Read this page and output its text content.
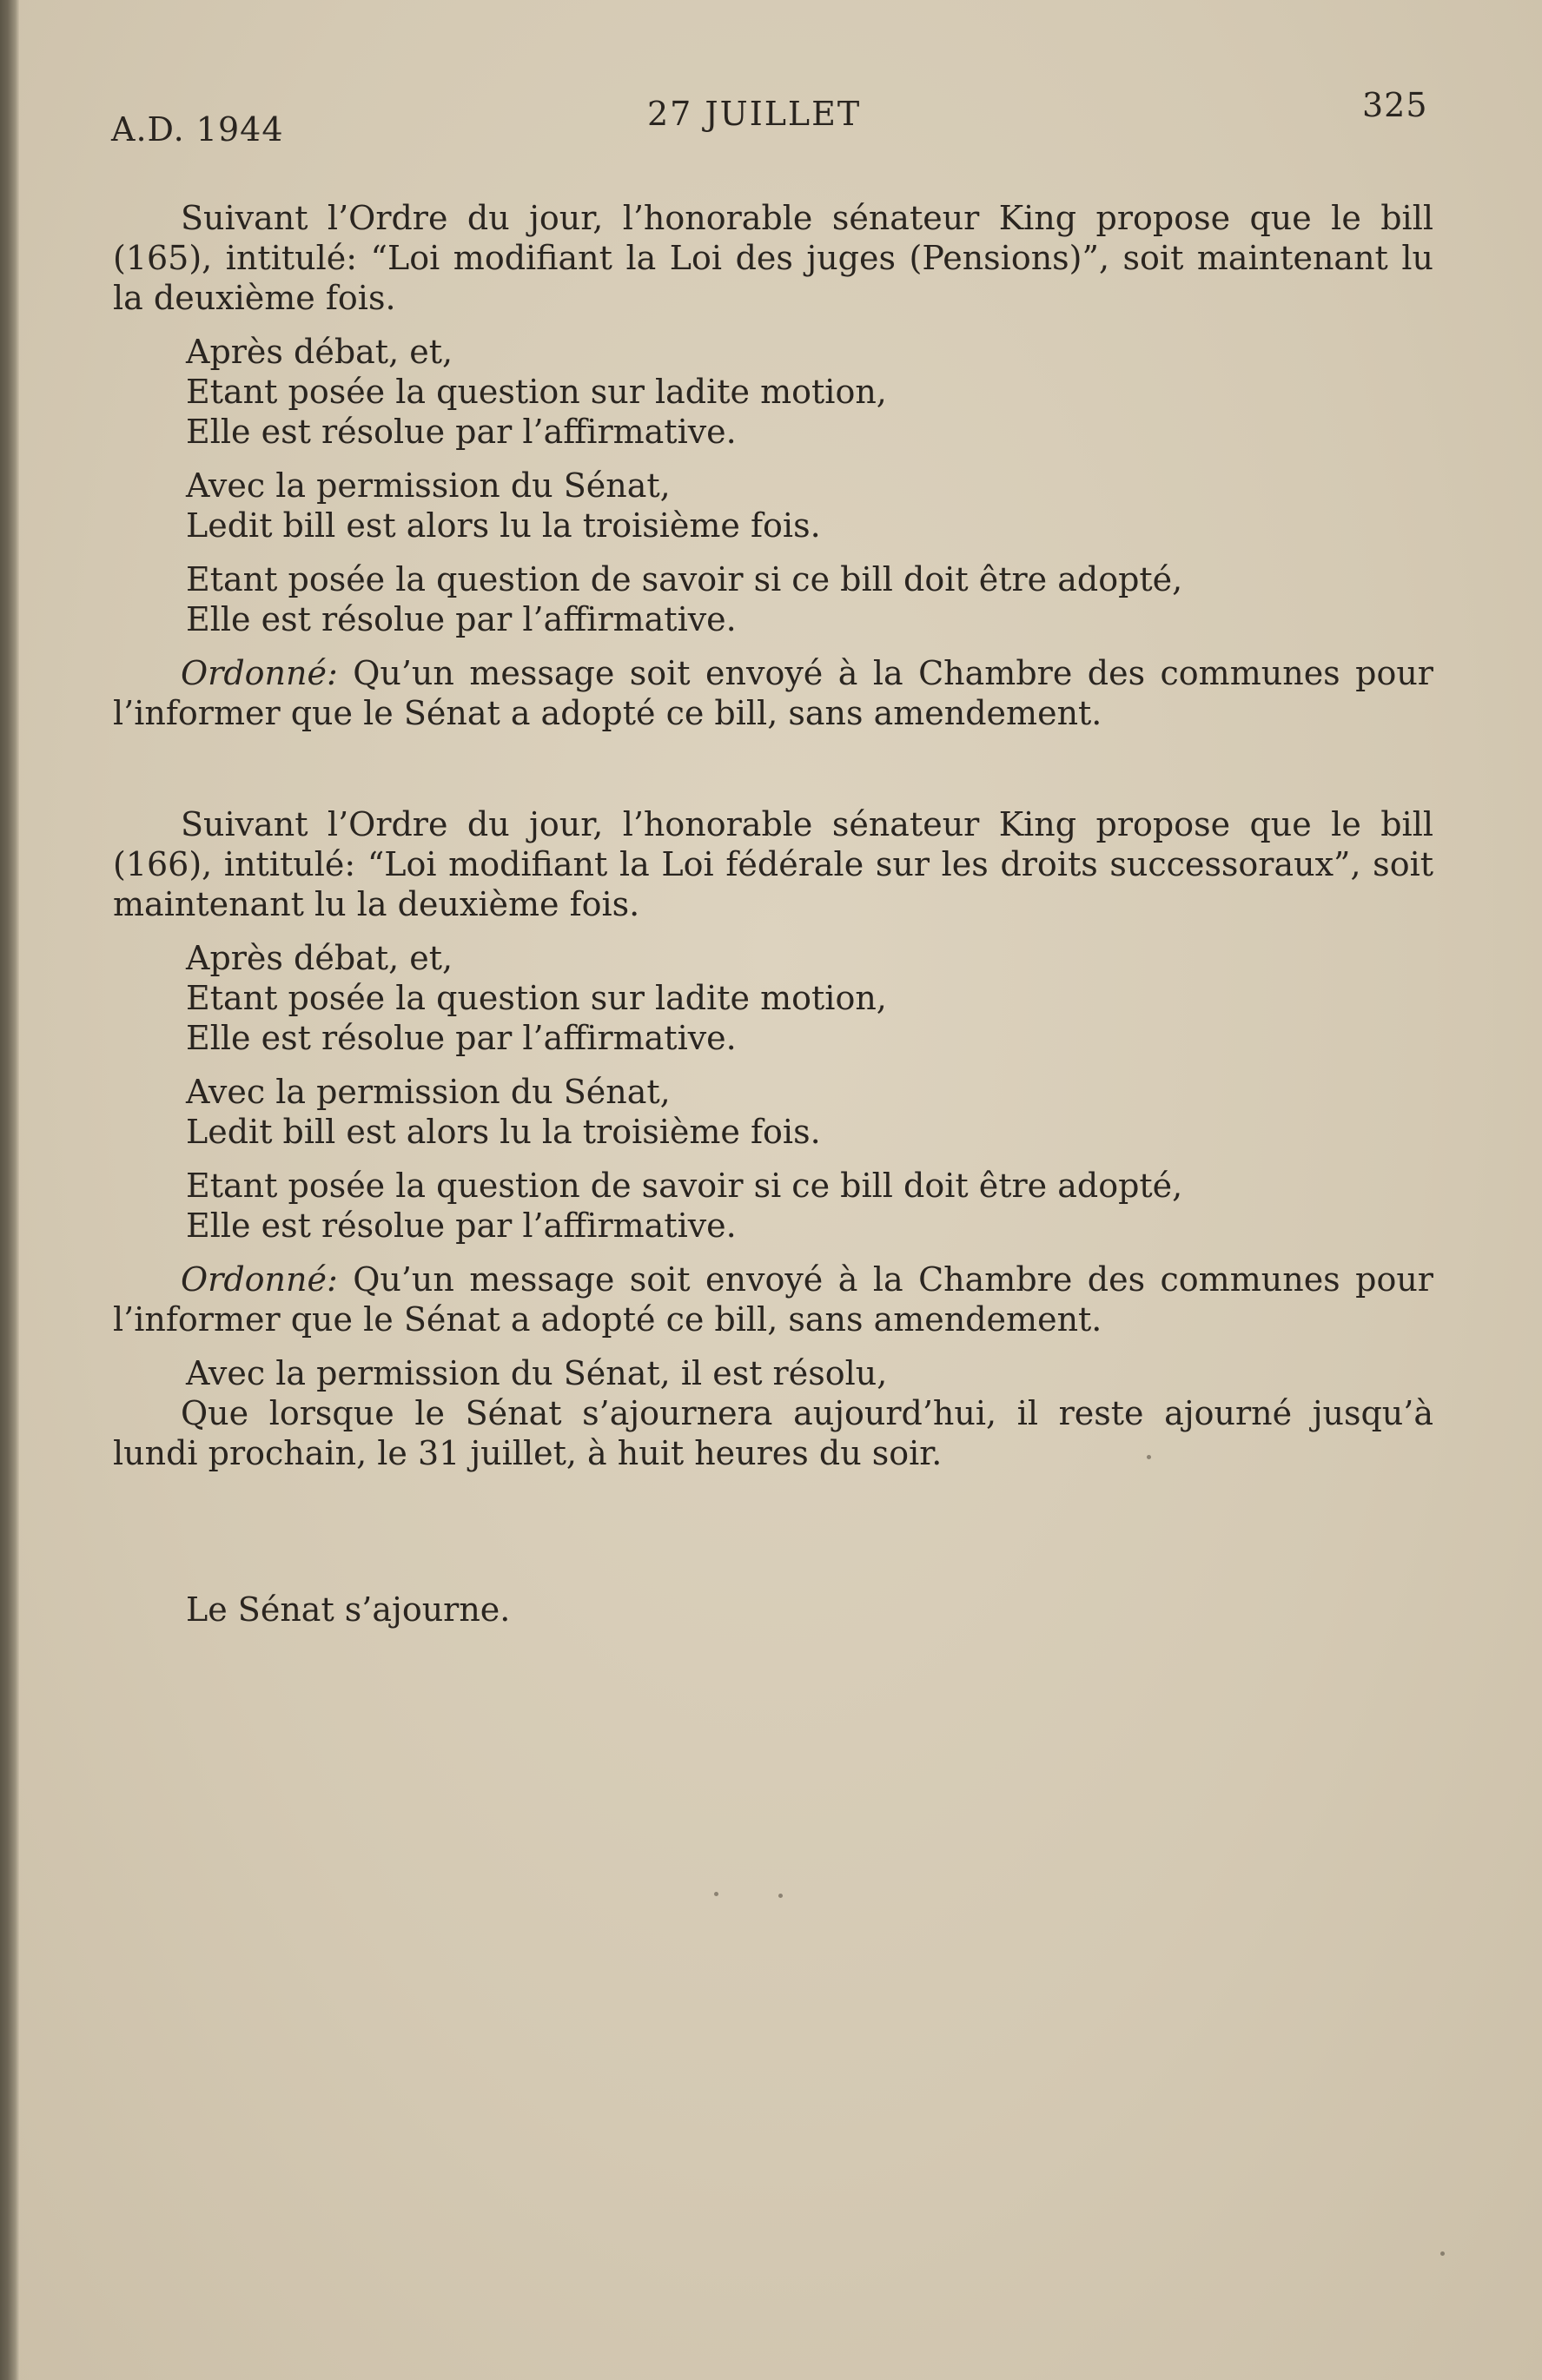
A.D. 1944	27 JUILLET	325

Suivant l’Ordre du jour, l’honorable sénateur King propose que le bill (165), intitulé: “Loi modifiant la Loi des juges (Pensions)”, soit maintenant lu la deuxième fois.

Après débat, et,
Etant posée la question sur ladite motion,
Elle est résolue par l’affirmative.
Avec la permission du Sénat,
Ledit bill est alors lu la troisième fois.
Etant posée la question de savoir si ce bill doit être adopté,
Elle est résolue par l’affirmative.

Ordonné: Qu’un message soit envoyé à la Chambre des communes pour l’informer que le Sénat a adopté ce bill, sans amendement.

Suivant l’Ordre du jour, l’honorable sénateur King propose que le bill (166), intitulé: “Loi modifiant la Loi fédérale sur les droits successoraux”, soit maintenant lu la deuxième fois.

Après débat, et,
Etant posée la question sur ladite motion,
Elle est résolue par l’affirmative.
Avec la permission du Sénat,
Ledit bill est alors lu la troisième fois.
Etant posée la question de savoir si ce bill doit être adopté,
Elle est résolue par l’affirmative.

Ordonné: Qu’un message soit envoyé à la Chambre des communes pour l’informer que le Sénat a adopté ce bill, sans amendement.

Avec la permission du Sénat, il est résolu,

Que lorsque le Sénat s’ajournera aujourd’hui, il reste ajourné jusqu’à lundi prochain, le 31 juillet, à huit heures du soir.

Le Sénat s’ajourne.
